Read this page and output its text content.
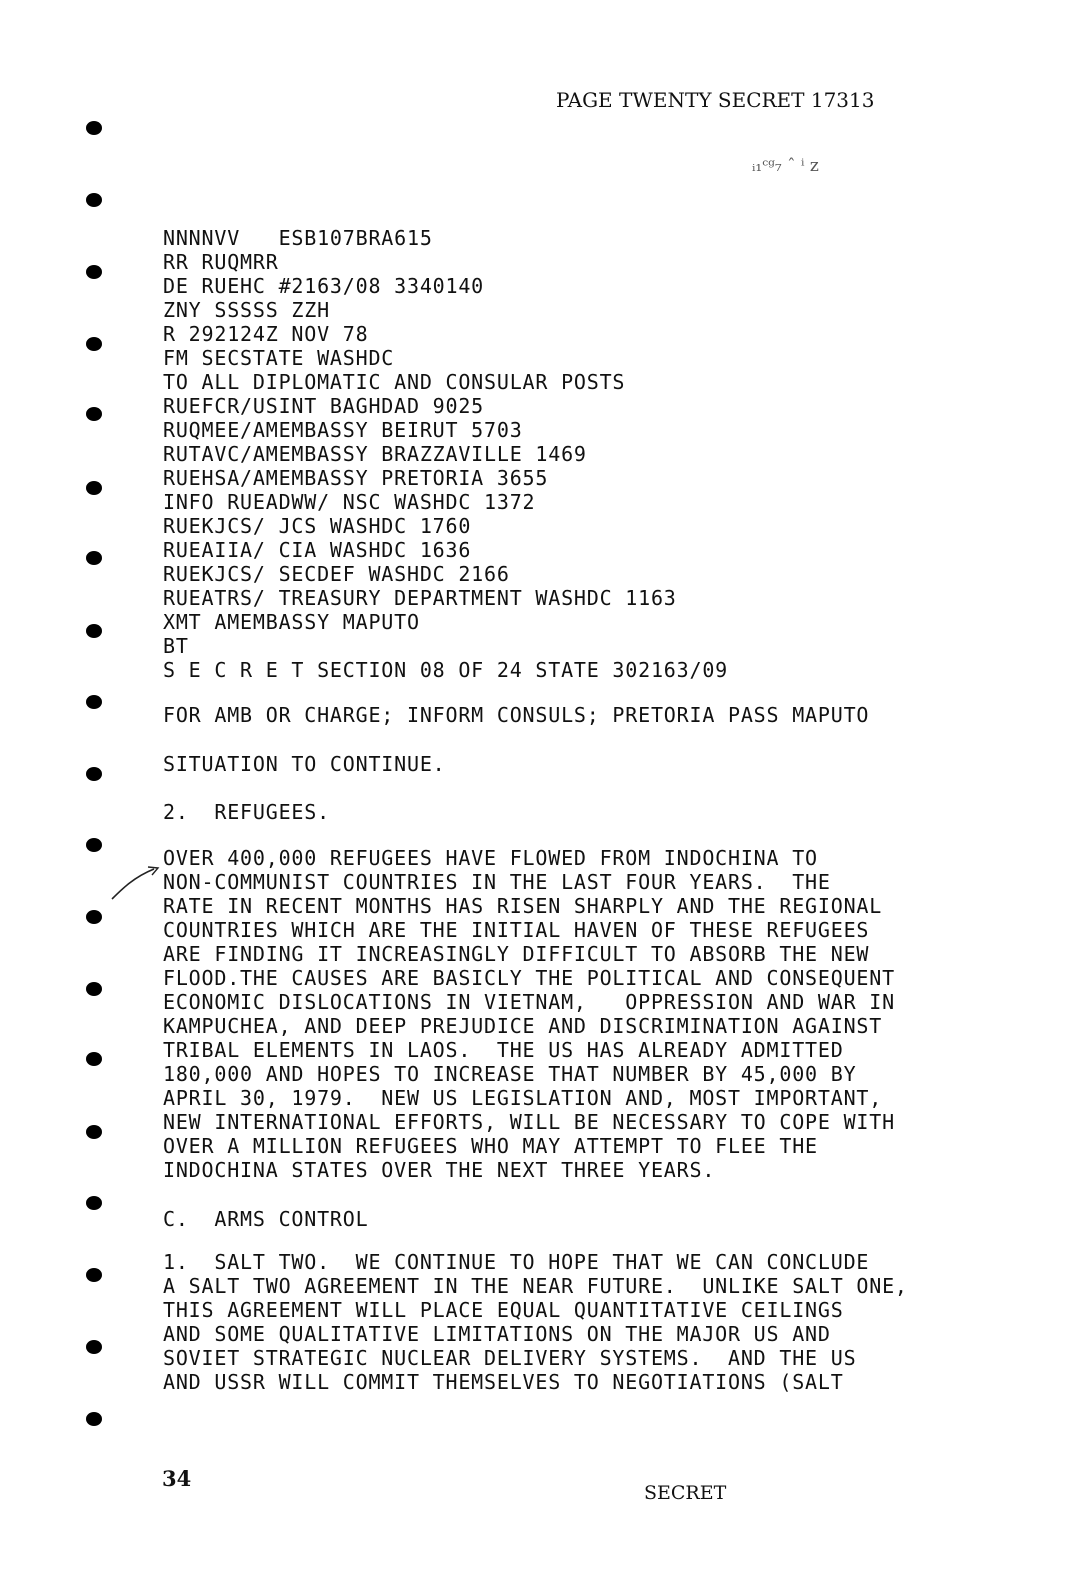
PAGE TWENTY SECRET 17313
ᵢ₁ᶜᵍ₇ ˆ ⁱ z
NNNNVV   ESB107BRA615
RR RUQMRR
DE RUEHC #2163/08 3340140
ZNY SSSSS ZZH
R 292124Z NOV 78
FM SECSTATE WASHDC
TO ALL DIPLOMATIC AND CONSULAR POSTS
RUEFCR/USINT BAGHDAD 9025
RUQMEE/AMEMBASSY BEIRUT 5703
RUTAVC/AMEMBASSY BRAZZAVILLE 1469
RUEHSA/AMEMBASSY PRETORIA 3655
INFO RUEADWW/ NSC WASHDC 1372
RUEKJCS/ JCS WASHDC 1760
RUEAIIA/ CIA WASHDC 1636
RUEKJCS/ SECDEF WASHDC 2166
RUEATRS/ TREASURY DEPARTMENT WASHDC 1163
XMT AMEMBASSY MAPUTO
BT
S E C R E T SECTION 08 OF 24 STATE 302163/09
FOR AMB OR CHARGE; INFORM CONSULS; PRETORIA PASS MAPUTO
SITUATION TO CONTINUE.
2.  REFUGEES.
OVER 400,000 REFUGEES HAVE FLOWED FROM INDOCHINA TO
NON-COMMUNIST COUNTRIES IN THE LAST FOUR YEARS.  THE
RATE IN RECENT MONTHS HAS RISEN SHARPLY AND THE REGIONAL
COUNTRIES WHICH ARE THE INITIAL HAVEN OF THESE REFUGEES
ARE FINDING IT INCREASINGLY DIFFICULT TO ABSORB THE NEW
FLOOD.THE CAUSES ARE BASICLY THE POLITICAL AND CONSEQUENT
ECONOMIC DISLOCATIONS IN VIETNAM,   OPPRESSION AND WAR IN
KAMPUCHEA, AND DEEP PREJUDICE AND DISCRIMINATION AGAINST
TRIBAL ELEMENTS IN LAOS.  THE US HAS ALREADY ADMITTED
180,000 AND HOPES TO INCREASE THAT NUMBER BY 45,000 BY
APRIL 30, 1979.  NEW US LEGISLATION AND, MOST IMPORTANT,
NEW INTERNATIONAL EFFORTS, WILL BE NECESSARY TO COPE WITH
OVER A MILLION REFUGEES WHO MAY ATTEMPT TO FLEE THE
INDOCHINA STATES OVER THE NEXT THREE YEARS.
C.  ARMS CONTROL
1.  SALT TWO.  WE CONTINUE TO HOPE THAT WE CAN CONCLUDE
A SALT TWO AGREEMENT IN THE NEAR FUTURE.  UNLIKE SALT ONE,
THIS AGREEMENT WILL PLACE EQUAL QUANTITATIVE CEILINGS
AND SOME QUALITATIVE LIMITATIONS ON THE MAJOR US AND
SOVIET STRATEGIC NUCLEAR DELIVERY SYSTEMS.  AND THE US
AND USSR WILL COMMIT THEMSELVES TO NEGOTIATIONS (SALT
34
SECRET
